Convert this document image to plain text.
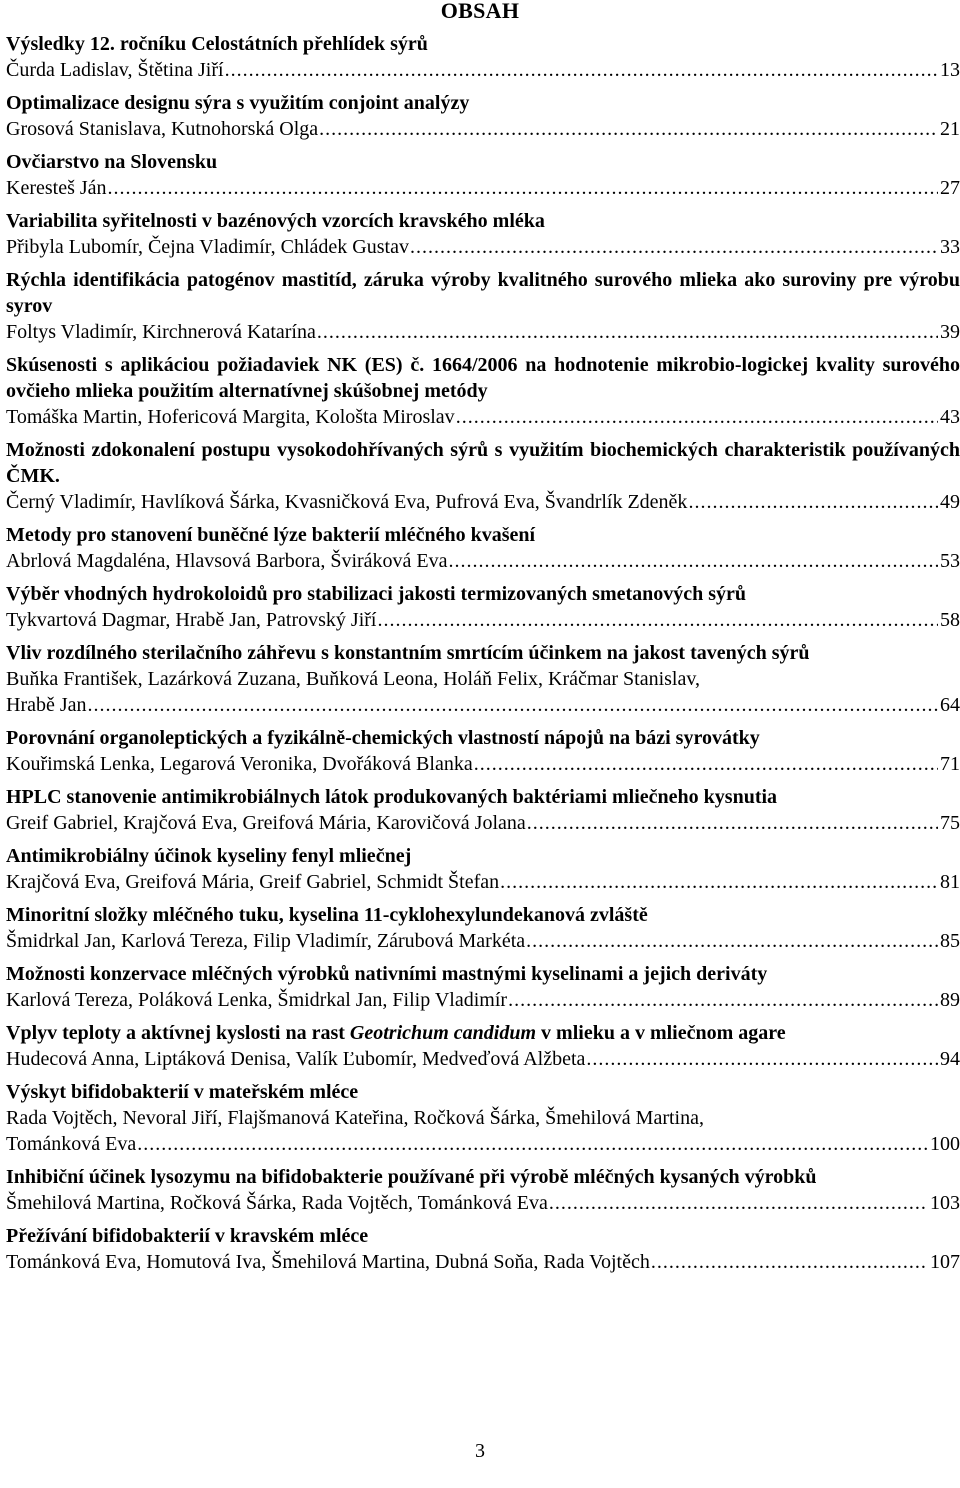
OBSAH
Výsledky 12. ročníku Celostátních přehlídek sýrů
Čurda Ladislav, Štětina Jiří .....	13
Optimalizace designu sýra s využitím conjoint analýzy
Grosová Stanislava, Kutnohorská Olga .....	21
Ovčiarstvo na Slovensku
Keresteš Ján .....	27
Variabilita syřitelnosti v bazénových vzorcích kravského mléka
Přibyla Lubomír, Čejna Vladimír, Chládek Gustav .....	33
Rýchla identifikácia patogénov mastitíd, záruka výroby kvalitného surového mlieka ako suroviny pre výrobu syrov
Foltys Vladimír, Kirchnerová Katarína .....	39
Skúsenosti s aplikáciou požiadaviek NK (ES) č. 1664/2006 na hodnotenie mikrobio-logickej kvality surového ovčieho mlieka použitím alternatívnej skúšobnej metódy
Tomáška Martin, Hofericová Margita, Kološta Miroslav .....	43
Možnosti zdokonalení postupu vysokodohřívaných sýrů s využitím biochemických charakteristik používaných ČMK.
Černý Vladimír, Havlíková Šárka, Kvasničková Eva, Pufrová Eva, Švandrlík Zdeněk .....	49
Metody pro stanovení buněčné lýze bakterií mléčného kvašení
Abrlová Magdaléna, Hlavsová Barbora, Šviráková Eva .....	53
Výběr vhodných hydrokoloidů pro stabilizaci jakosti termizovaných smetanových sýrů
Tykvartová Dagmar, Hrabě Jan, Patrovský Jiří .....	58
Vliv rozdílného sterilačního záhřevu s konstantním smrtícím účinkem na jakost tavených sýrů
Buňka František, Lazárková Zuzana, Buňková Leona, Holáň Felix, Kráčmar Stanislav,
Hrabě Jan .....	64
Porovnání organoleptických a fyzikálně-chemických vlastností nápojů na bázi syrovátky
Kouřimská Lenka, Legarová Veronika, Dvořáková Blanka .....	71
HPLC stanovenie antimikrobiálnych látok produkovaných baktériami mliečneho kysnutia
Greif Gabriel, Krajčová Eva, Greifová Mária, Karovičová Jolana .....	75
Antimikrobiálny účinok kyseliny fenyl mliečnej
Krajčová Eva, Greifová Mária, Greif Gabriel, Schmidt Štefan .....	81
Minoritní složky mléčného tuku, kyselina 11-cyklohexylundekanová zvláště
Šmidrkal Jan, Karlová Tereza, Filip Vladimír, Zárubová Markéta .....	85
Možnosti konzervace mléčných výrobků nativními mastnými kyselinami a jejich deriváty
Karlová Tereza, Poláková Lenka, Šmidrkal Jan, Filip Vladimír .....	89
Vplyv teploty a aktívnej kyslosti na rast Geotrichum candidum v mlieku a v mliečnom agare
Hudecová Anna, Liptáková Denisa, Valík Ľubomír, Medveďová Alžbeta .....	94
Výskyt bifidobakterií v mateřském mléce
Rada Vojtěch, Nevoral Jiří, Flajšmanová Kateřina, Ročková Šárka, Šmehilová Martina,
Tománková Eva .....	100
Inhibiční účinek lysozymu na bifidobakterie používané při výrobě mléčných kysaných výrobků
Šmehilová Martina, Ročková Šárka, Rada Vojtěch, Tománková Eva .....	103
Přežívání bifidobakterií v kravském mléce
Tománková Eva, Homutová Iva, Šmehilová Martina, Dubná Soňa, Rada Vojtěch .....	107
3
